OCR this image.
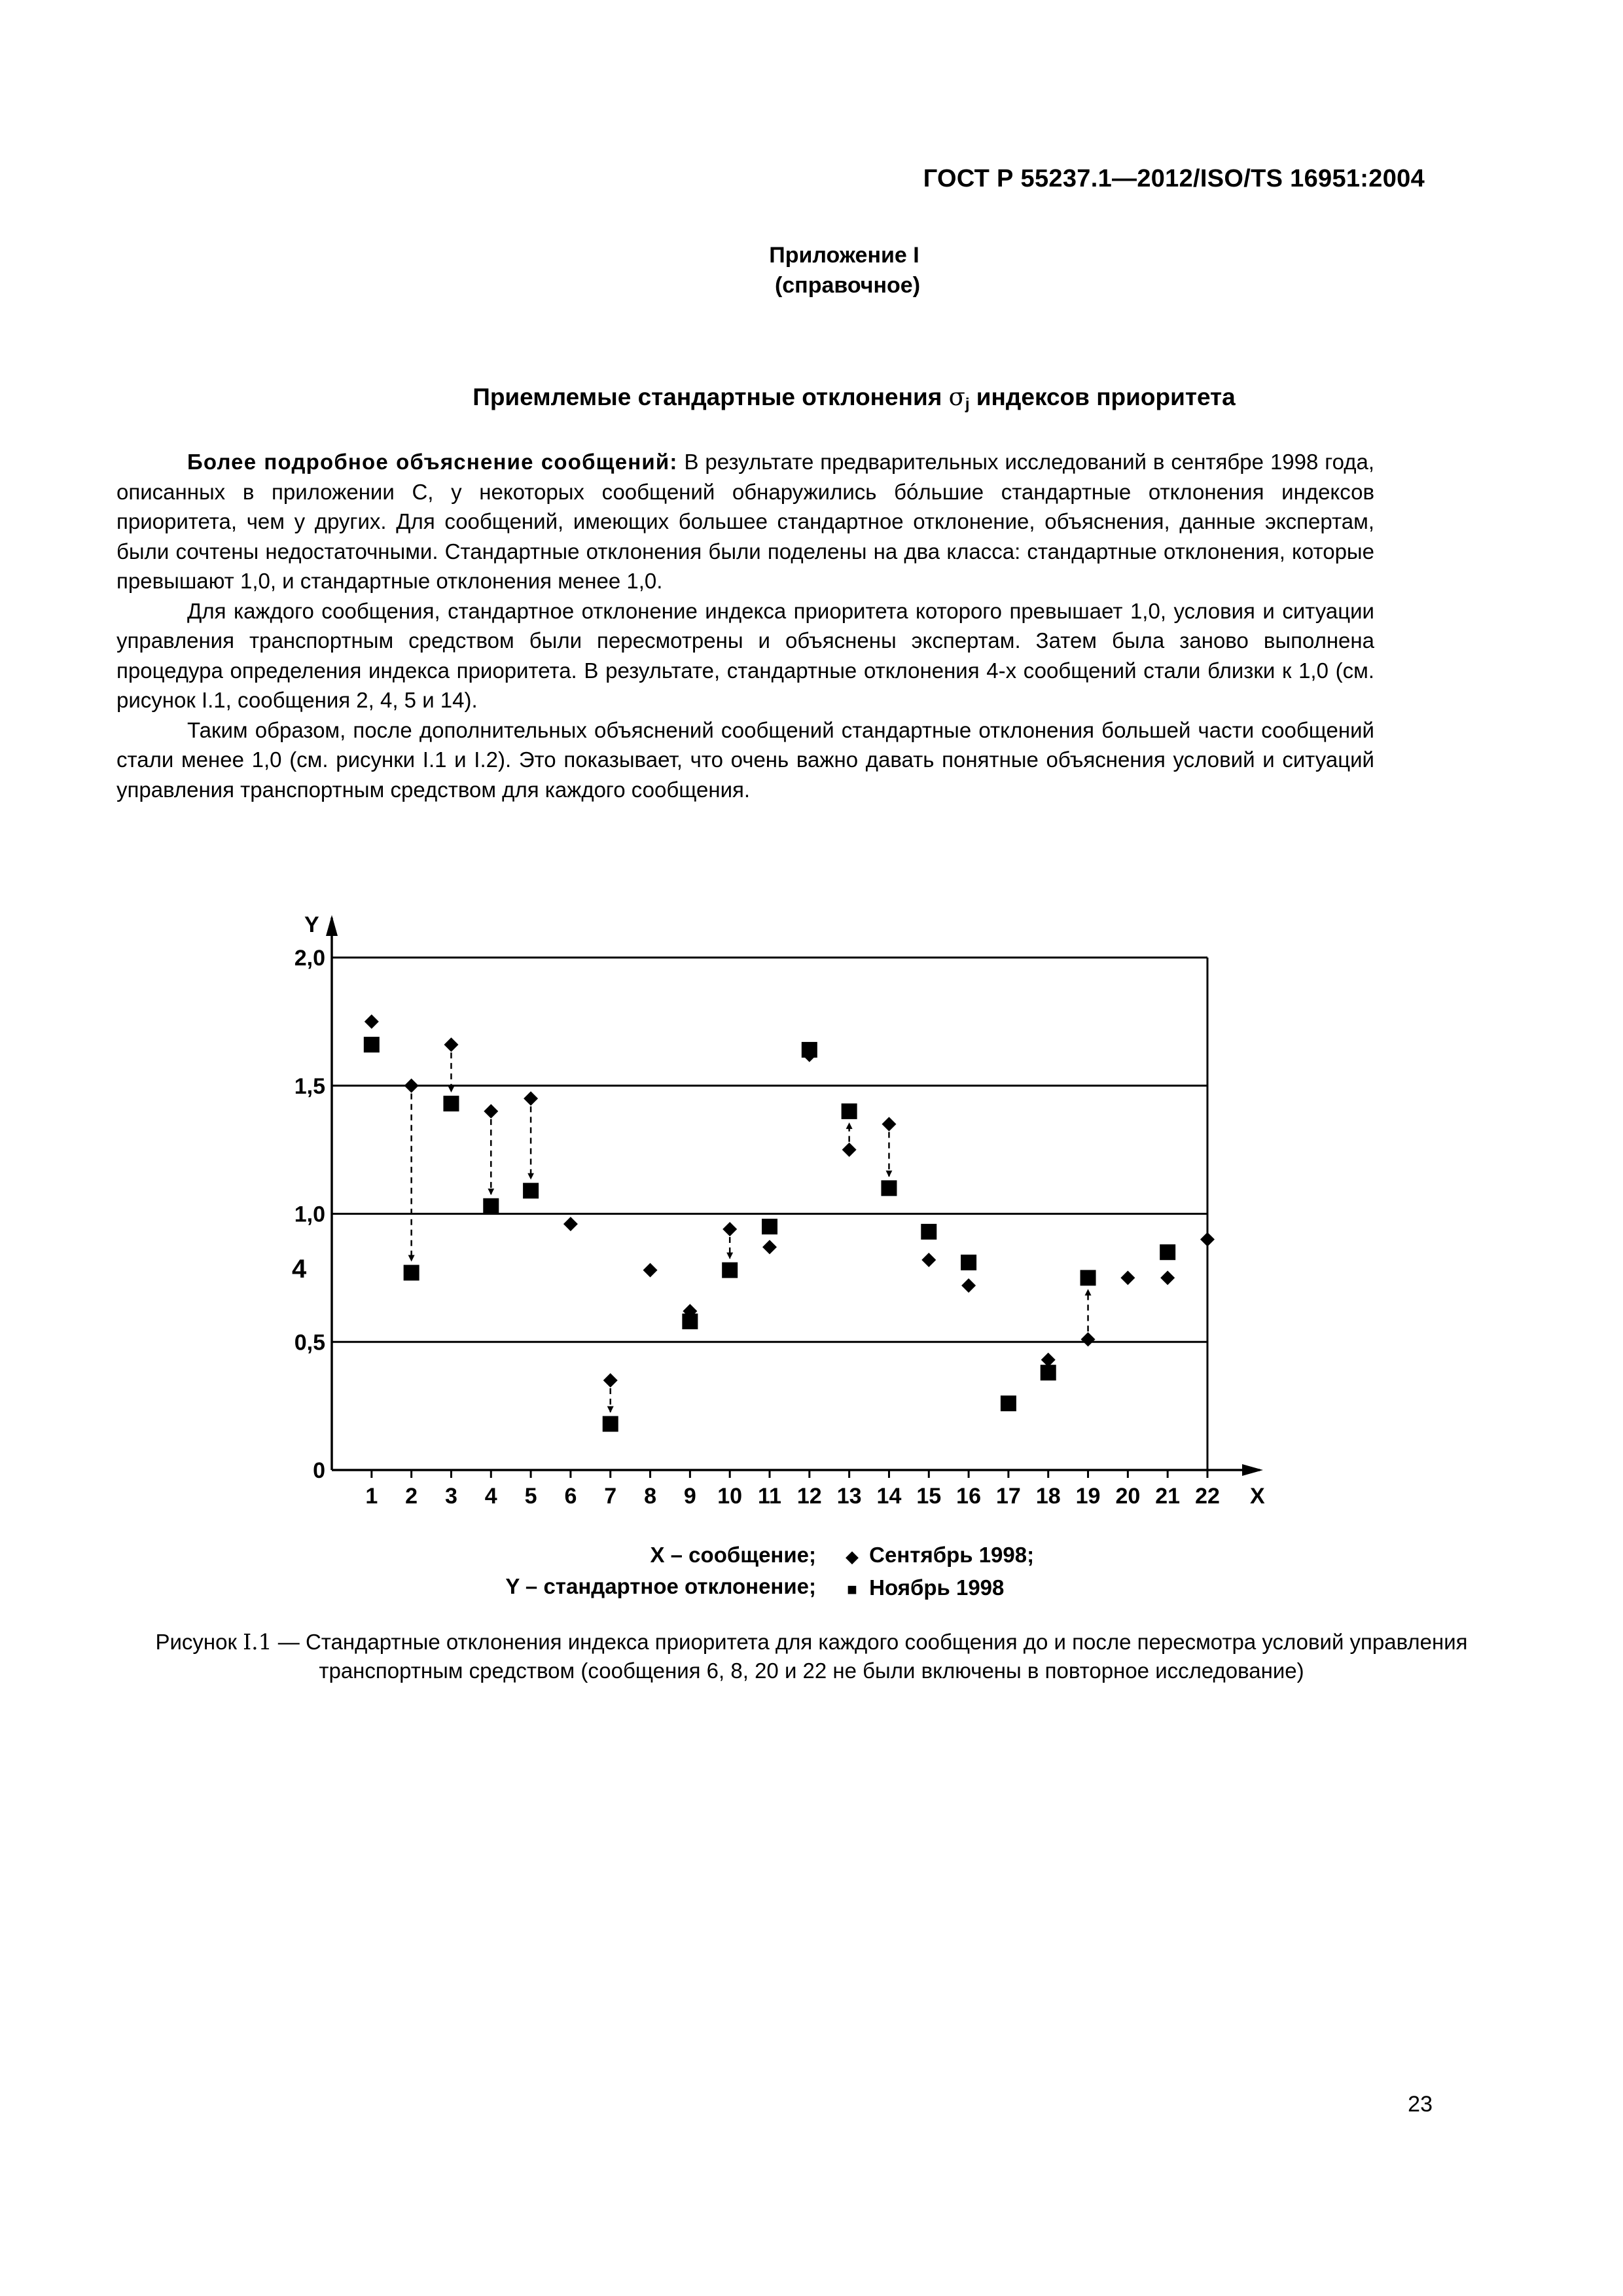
ГОСТ Р 55237.1—2012/ISO/TS 16951:2004
Приложение I
(справочное)
Приемлемые стандартные отклонения $\sigma_j$ индексов приоритета

Более подробное объяснение сообщений: В результате предварительных исследований в сентябре 1998 года, описанных в приложении С, у некоторых сообщений обнаружились бóльшие стандартные отклонения индексов приоритета, чем у других. Для сообщений, имеющих большее стандартное отклонение, объяснения, данные экспертам, были сочтены недостаточными. Стандартные отклонения были поделены на два класса: стандартные отклонения, которые превышают 1,0, и стандартные отклонения менее 1,0.

Для каждого сообщения, стандартное отклонение индекса приоритета которого превышает 1,0, условия и ситуации управления транспортным средством были пересмотрены и объяснены экспертам. Затем была заново выполнена процедура определения индекса приоритета. В результате, стандартные отклонения 4-х сообщений стали близки к 1,0 (см. рисунок I.1, сообщения 2, 4, 5 и 14).

Таким образом, после дополнительных объяснений сообщений стандартные отклонения большей части сообщений стали менее 1,0 (см. рисунки I.1 и I.2). Это показывает, что очень важно давать понятные объяснения условий и ситуаций управления транспортным средством для каждого сообщения.

1 2 3 4 5 6 7 8 9 10 11 12 13 14 15 16 17 18 19 20 21 22
0
0,5
1,0
1,5
2,0
X
Y
4
X – сообщение;
Y – стандартное отклонение;
◆ Сентябрь 1998;
■ Ноябрь 1998
Рисунок I.1 — Стандартные отклонения индекса приоритета для каждого сообщения до и после пересмотра условий управления транспортным средством (сообщения 6, 8, 20 и 22 не были включены в повторное исследование)
23
